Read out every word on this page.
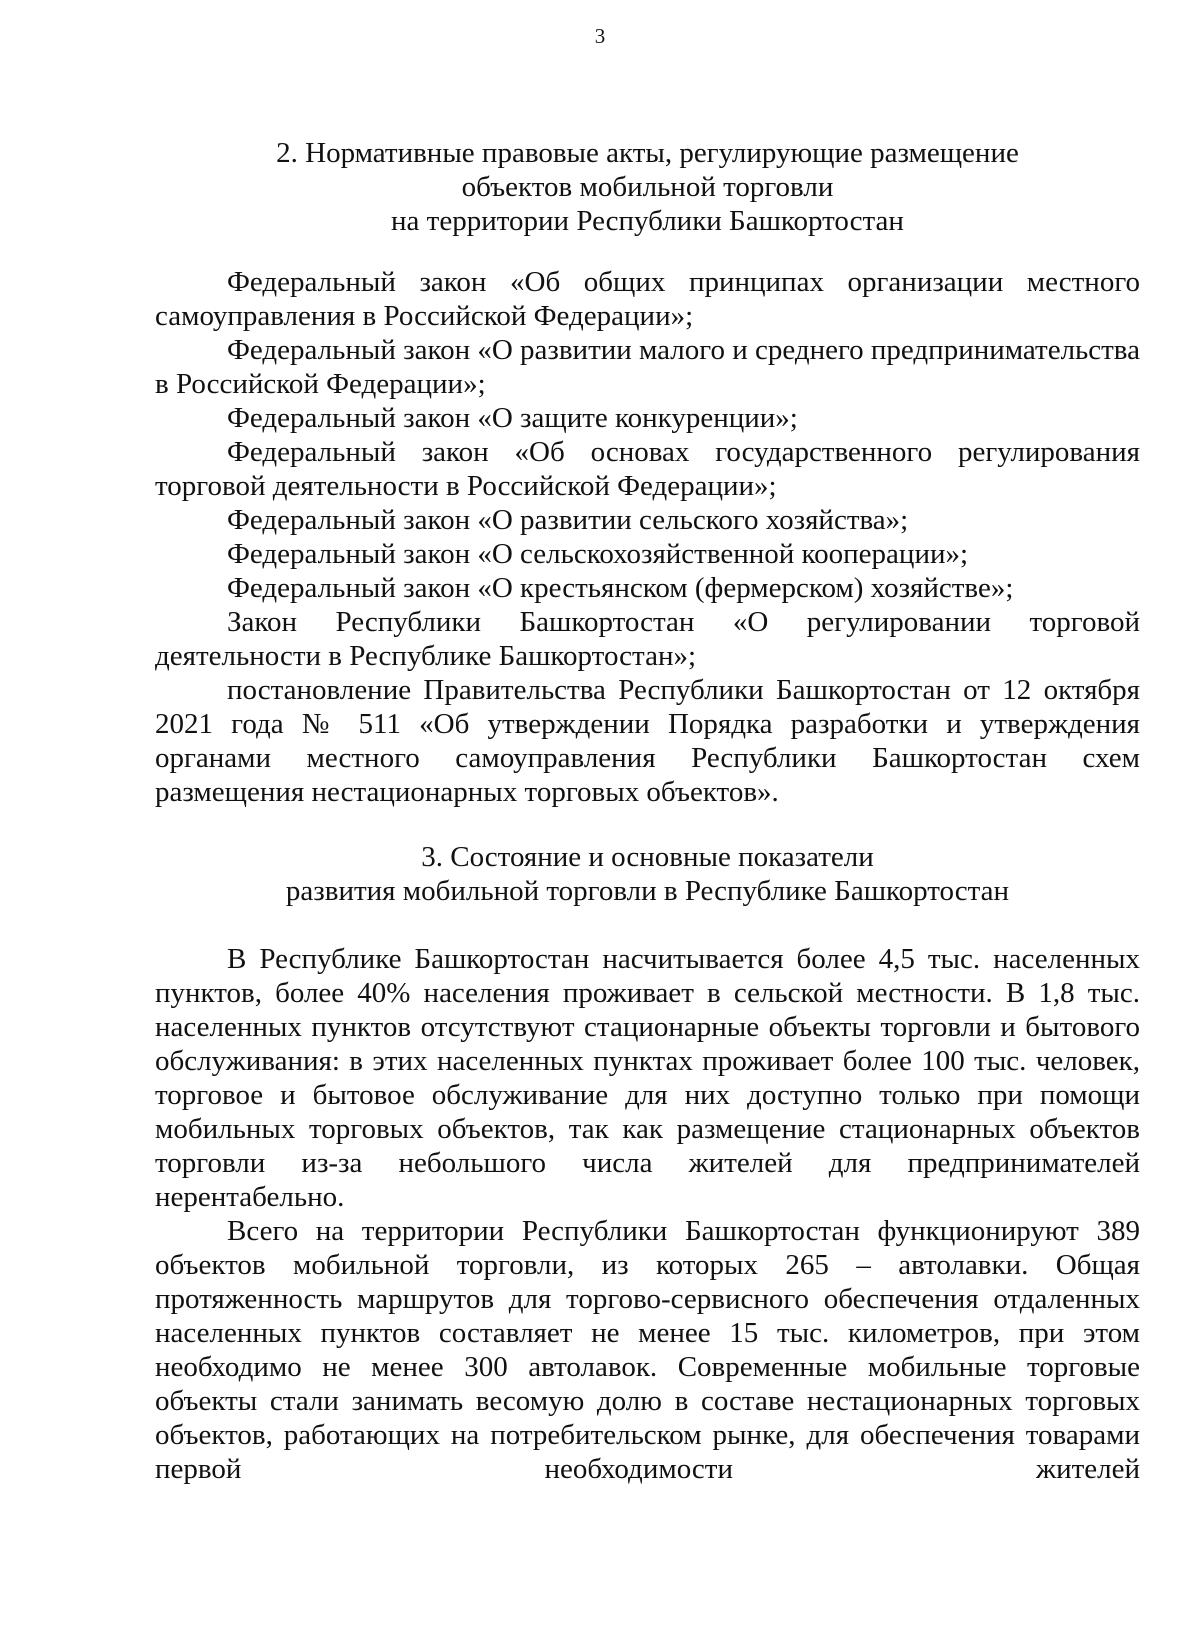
3
2. Нормативные правовые акты, регулирующие размещение
объектов мобильной торговли
на территории Республики Башкортостан

Федеральный закон «Об общих принципах организации местного самоуправления в Российской Федерации»;

Федеральный закон «О развитии малого и среднего предпринимательства в Российской Федерации»;

Федеральный закон «О защите конкуренции»;

Федеральный закон «Об основах государственного регулирования торговой деятельности в Российской Федерации»;

Федеральный закон «О развитии сельского хозяйства»;

Федеральный закон «О сельскохозяйственной кооперации»;

Федеральный закон «О крестьянском (фермерском) хозяйстве»;

Закон Республики Башкортостан «О регулировании торговой деятельности в Республике Башкортостан»;

постановление Правительства Республики Башкортостан от 12 октября 2021 года № 511 «Об утверждении Порядка разработки и утверждения органами местного самоуправления Республики Башкортостан схем размещения нестационарных торговых объектов».

3. Состояние и основные показатели
развития мобильной торговли в Республике Башкортостан

В Республике Башкортостан насчитывается более 4,5 тыс. населенных пунктов, более 40% населения проживает в сельской местности. В 1,8 тыс. населенных пунктов отсутствуют стационарные объекты торговли и бытового обслуживания: в этих населенных пунктах проживает более 100 тыс. человек, торговое и бытовое обслуживание для них доступно только при помощи мобильных торговых объектов, так как размещение стационарных объектов торговли из-за небольшого числа жителей для предпринимателей нерентабельно.

Всего на территории Республики Башкортостан функционируют 389 объектов мобильной торговли, из которых 265 – автолавки. Общая протяженность маршрутов для торгово-сервисного обеспечения отдаленных населенных пунктов составляет не менее 15 тыс. километров, при этом необходимо не менее 300 автолавок. Современные мобильные торговые объекты стали занимать весомую долю в составе нестационарных торговых объектов, работающих на потребительском рынке, для обеспечения товарами первой необходимости жителей
